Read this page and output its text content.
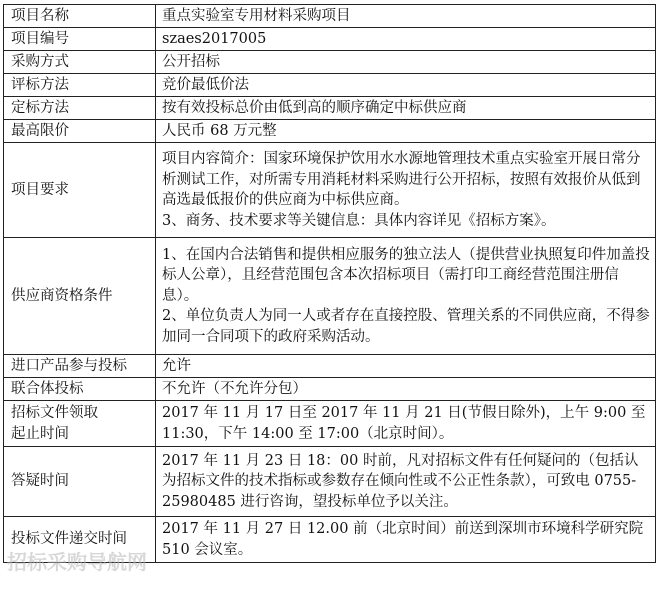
项目名称	重点实验室专用材料采购项目
项目编号	szaes2017005
采购方式	公开招标
评标方法	竞价最低价法
定标方法	按有效投标总价由低到高的顺序确定中标供应商
最高限价	人民币 68 万元整
项目要求	项目内容简介：国家环境保护饮用水水源地管理技术重点实验室开展日常分析测试工作，对所需专用消耗材料采购进行公开招标，按照有效报价从低到高选最低报价的供应商为中标供应商。

3、商务、技术要求等关键信息：具体内容详见《招标方案》。

供应商资格条件	1、在国内合法销售和提供相应服务的独立法人（提供营业执照复印件加盖投标人公章），且经营范围包含本次招标项目（需打印工商经营范围注册信息）。

2、单位负责人为同一人或者存在直接控股、管理关系的不同供应商，不得参加同一合同项下的政府采购活动。

进口产品参与投标	允许
联合体投标	不允许（不允许分包）

招标文件领取

起止时间	2017 年 11 月 17 日至 2017 年 11 月 21 日(节假日除外)，上午 9:00 至 11:30，下午 14:00 至 17:00（北京时间）。
答疑时间	2017 年 11 月 23 日 18：00 时前，凡对招标文件有任何疑问的（包括认为招标文件的技术指标或参数存在倾向性或不公正性条款），可致电 0755-25980485 进行咨询，望投标单位予以关注。
投标文件递交时间	2017 年 11 月 27 日 12.00 前（北京时间）前送到深圳市环境科学研究院 510 会议室。
招标采购导航网
